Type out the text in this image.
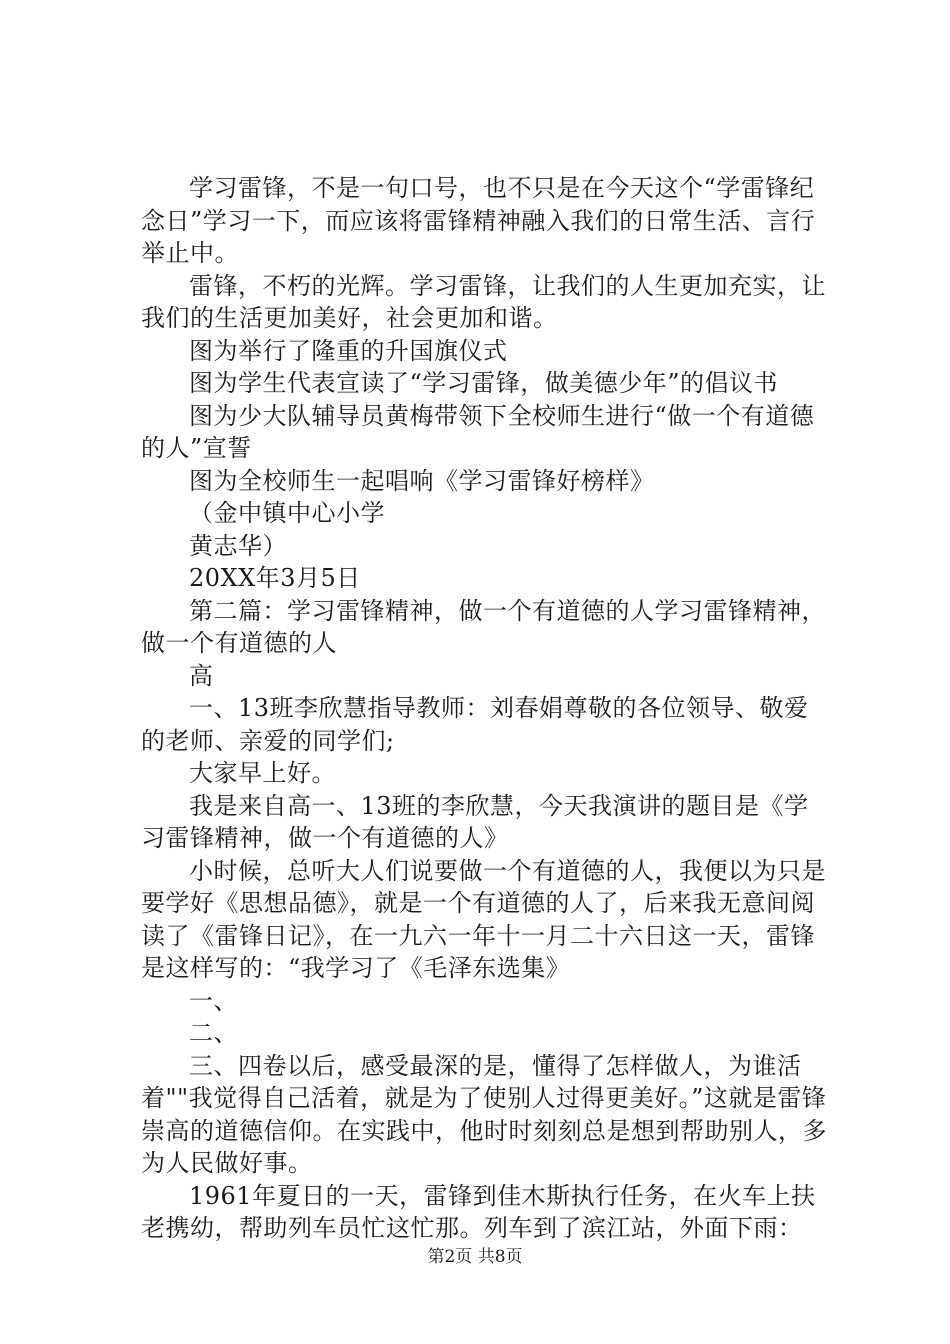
学习雷锋，不是一句口号，也不只是在今天这个“学雷锋纪念日”学习一下，而应该将雷锋精神融入我们的日常生活、言行举止中。

雷锋，不朽的光辉。学习雷锋，让我们的人生更加充实，让我们的生活更加美好，社会更加和谐。

图为举行了隆重的升国旗仪式

图为学生代表宣读了“学习雷锋，做美德少年”的倡议书

图为少大队辅导员黄梅带领下全校师生进行“做一个有道德的人”宣誓

图为全校师生一起唱响《学习雷锋好榜样》

（金中镇中心小学

黄志华）

20XX年3月5日

第二篇：学习雷锋精神，做一个有道德的人学习雷锋精神，做一个有道德的人

高

一、13班李欣慧指导教师：刘春娟尊敬的各位领导、敬爱的老师、亲爱的同学们;

大家早上好。

我是来自高一、13班的李欣慧，今天我演讲的题目是《学习雷锋精神，做一个有道德的人》

小时候，总听大人们说要做一个有道德的人，我便以为只是要学好《思想品德》，就是一个有道德的人了，后来我无意间阅读了《雷锋日记》，在一九六一年十一月二十六日这一天，雷锋是这样写的：“我学习了《毛泽东选集》

一、

二、

三、四卷以后，感受最深的是，懂得了怎样做人，为谁活着""我觉得自己活着，就是为了使别人过得更美好。”这就是雷锋崇高的道德信仰。在实践中，他时时刻刻总是想到帮助别人，多为人民做好事。

1961年夏日的一天，雷锋到佳木斯执行任务，在火车上扶老携幼，帮助列车员忙这忙那。列车到了滨江站，外面下雨：

第2页 共8页
